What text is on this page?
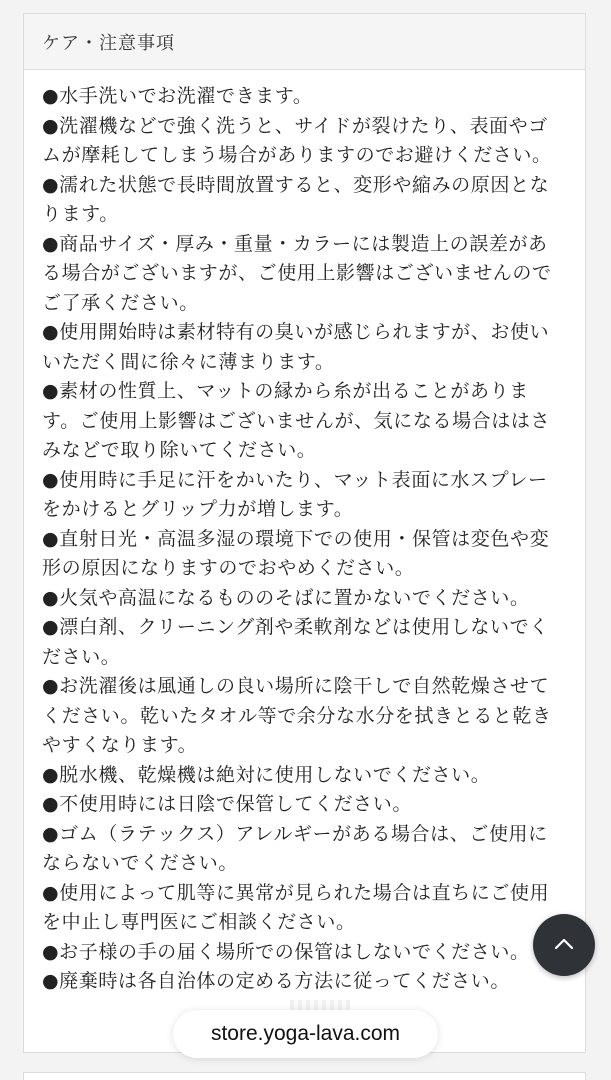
ケア・注意事項

●水手洗いでお洗濯できます。

●洗濯機などで強く洗うと、サイドが裂けたり、表面やゴ

ムが摩耗してしまう場合がありますのでお避けください。

●濡れた状態で長時間放置すると、変形や縮みの原因とな

ります。

●商品サイズ・厚み・重量・カラーには製造上の誤差があ

る場合がございますが、ご使用上影響はございませんので

ご了承ください。

●使用開始時は素材特有の臭いが感じられますが、お使い

いただく間に徐々に薄まります。

●素材の性質上、マットの縁から糸が出ることがありま

す。ご使用上影響はございませんが、気になる場合ははさ

みなどで取り除いてください。

●使用時に手足に汗をかいたり、マット表面に水スプレー

をかけるとグリップ力が増します。

●直射日光・高温多湿の環境下での使用・保管は変色や変

形の原因になりますのでおやめください。

●火気や高温になるもののそばに置かないでください。

●漂白剤、クリーニング剤や柔軟剤などは使用しないでく

ださい。

●お洗濯後は風通しの良い場所に陰干しで自然乾燥させて

ください。乾いたタオル等で余分な水分を拭きとると乾き

やすくなります。

●脱水機、乾燥機は絶対に使用しないでください。

●不使用時には日陰で保管してください。

●ゴム（ラテックス）アレルギーがある場合は、ご使用に

ならないでください。

●使用によって肌等に異常が見られた場合は直ちにご使用

を中止し専門医にご相談ください。

●お子様の手の届く場所での保管はしないでください。

●廃棄時は各自治体の定める方法に従ってください。

store.yoga-lava.com
